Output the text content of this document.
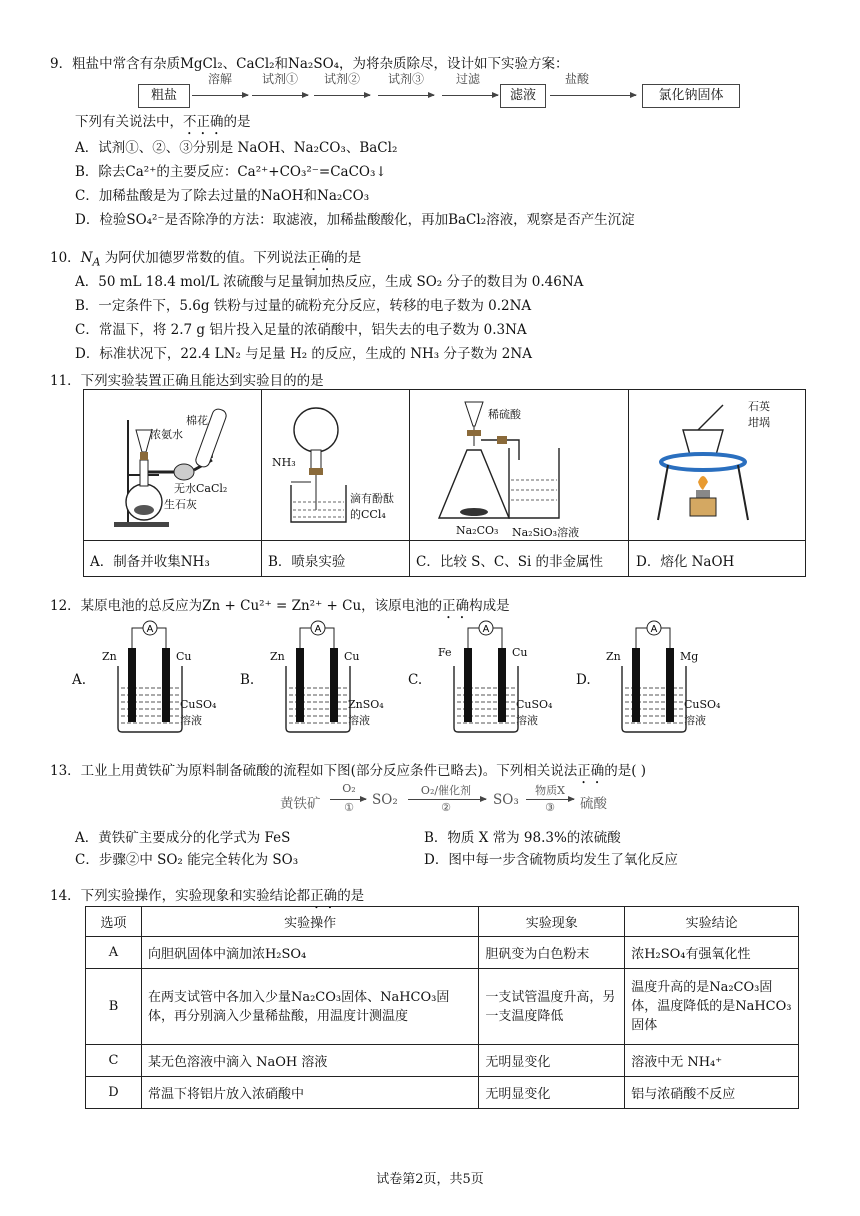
9．粗盐中常含有杂质MgCl₂、CaCl₂和Na₂SO₄，为将杂质除尽，设计如下实验方案：
粗盐
溶解	试剂①	试剂②	试剂③	过滤
滤液
盐酸
氯化钠固体
下列有关说法中，不正确的是
A．试剂①、②、③分别是 NaOH、Na₂CO₃、BaCl₂
B．除去Ca²⁺的主要反应：Ca²⁺+CO₃²⁻=CaCO₃↓
C．加稀盐酸是为了除去过量的NaOH和Na₂CO₃
D．检验SO₄²⁻是否除净的方法：取滤液，加稀盐酸酸化，再加BaCl₂溶液，观察是否产生沉淀
10．$N_A$ 为阿伏加德罗常数的值。下列说法正确的是
A．50 mL 18.4 mol/L 浓硫酸与足量铜加热反应，生成 SO₂ 分子的数目为 0.46NA
B．一定条件下，5.6g 铁粉与过量的硫粉充分反应，转移的电子数为 0.2NA
C．常温下，将 2.7 g 铝片投入足量的浓硝酸中，铝失去的电子数为 0.3NA
D．标准状况下，22.4 LN₂ 与足量 H₂ 的反应，生成的 NH₃ 分子数为 2NA
11．下列实验装置正确且能达到实验目的的是
棉花
浓氨水
无水CaCl₂
生石灰
NH₃
滴有酚酞
的CCl₄
稀硫酸
Na₂CO₃ Na₂SiO₃溶液
石英
坩埚
A．制备并收集NH₃	B．喷泉实验	C．比较 S、C、Si 的非金属性 D．熔化 NaOH
12．某原电池的总反应为Zn + Cu²⁺ = Zn²⁺ + Cu，该原电池的正确构成是
A.
Zn	Cu
CuSO₄
溶液
B.
Zn	Cu
ZnSO₄
溶液
C.
Fe	Cu
CuSO₄
溶液
D.
Zn	Mg
CuSO₄
溶液
A	A	A	A
13．工业上用黄铁矿为原料制备硫酸的流程如下图(部分反应条件已略去)。下列相关说法正确的是( )
黄铁矿
O₂
①	SO₂
O₂/催化剂
②	SO₃
物质X
③	硫酸
A．黄铁矿主要成分的化学式为 FeS	B．物质 X 常为 98.3%的浓硫酸
C．步骤②中 SO₂ 能完全转化为 SO₃	D．图中每一步含硫物质均发生了氧化反应
14．下列实验操作，实验现象和实验结论都正确的是
选项	实验操作	实验现象	实验结论
A	向胆矾固体中滴加浓H₂SO₄	胆矾变为白色粉末	浓H₂SO₄有强氧化性
B	在两支试管中各加入少量Na₂CO₃固体、NaHCO₃固体，再分别滴入少量稀盐酸，用温度计测温度	一支试管温度升高，另一支温度降低	温度升高的是Na₂CO₃固体，温度降低的是NaHCO₃固体
C	某无色溶液中滴入 NaOH 溶液	无明显变化	溶液中无 NH₄⁺
D	常温下将铝片放入浓硝酸中	无明显变化	铝与浓硝酸不反应
试卷第2页，共5页
